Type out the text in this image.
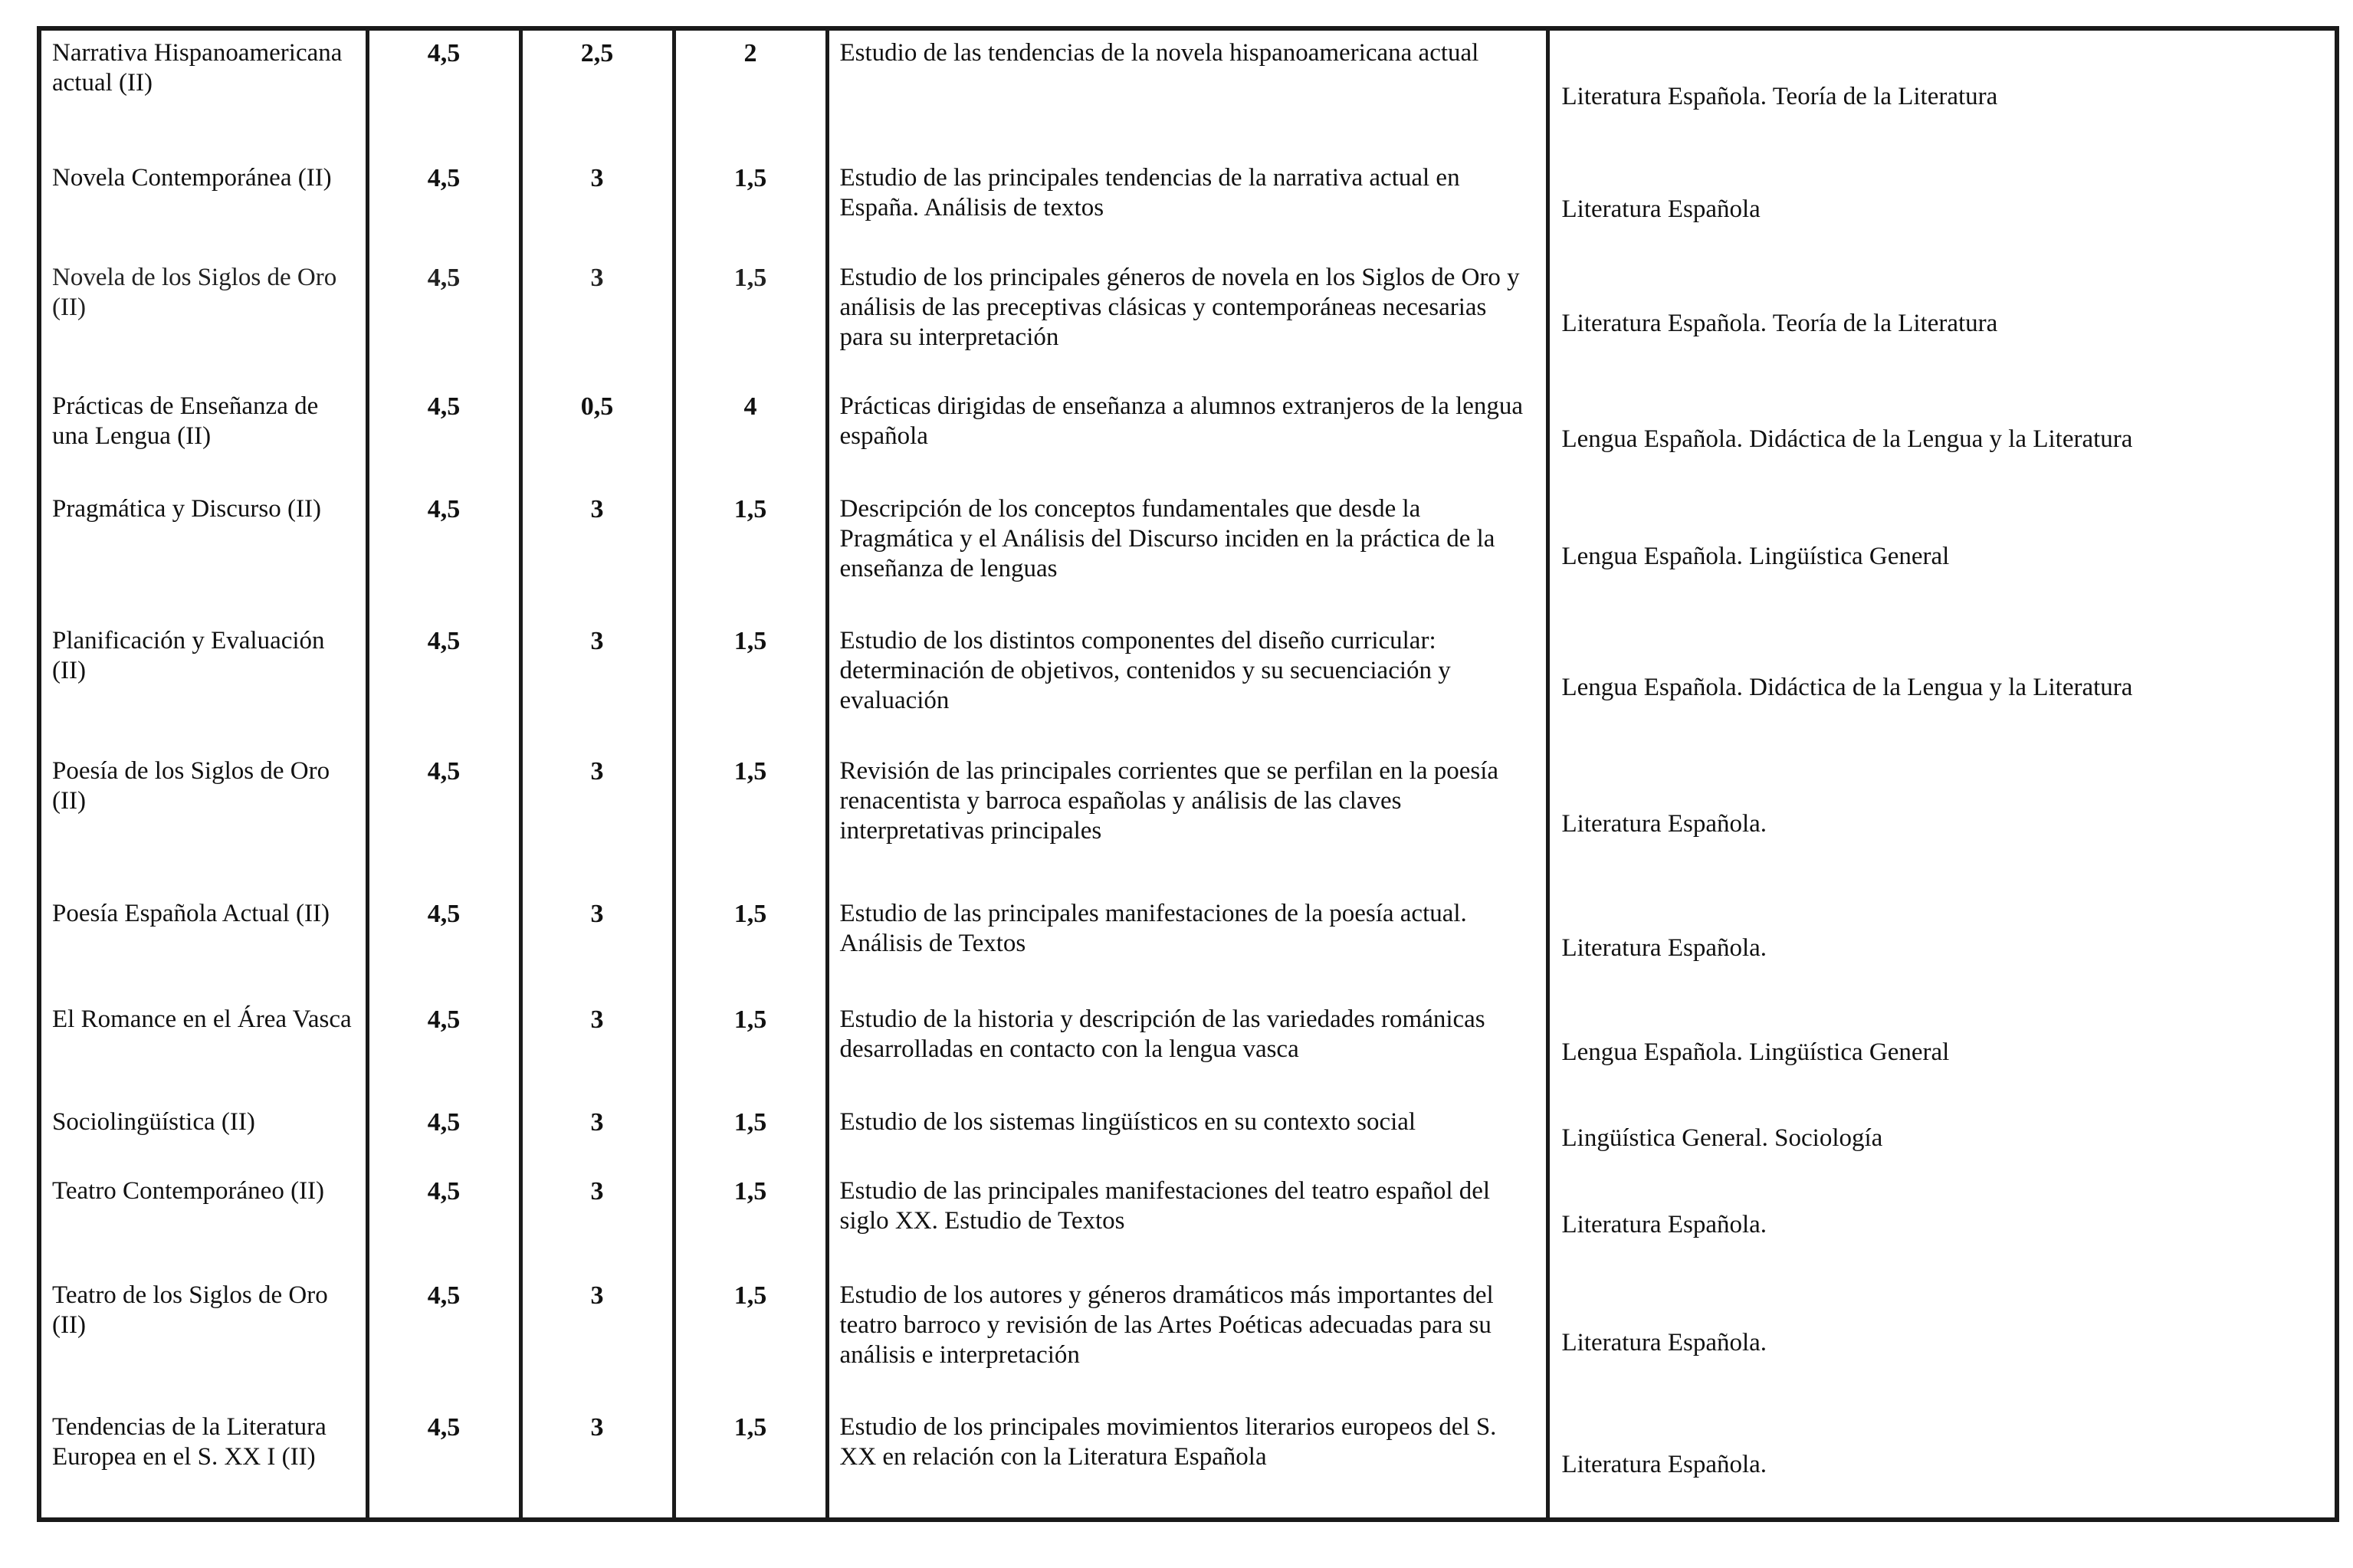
Narrativa Hispanoamericana actual (II)	4,5	2,5	2	Estudio de las tendencias de la novela hispanoamericana actual	Literatura Española. Teoría de la Literatura
Novela Contemporánea (II)	4,5	3	1,5	Estudio de las principales tendencias de la narrativa actual en España. Análisis de textos	Literatura Española
Novela de los Siglos de Oro (II)	4,5	3	1,5	Estudio de los principales géneros de novela en los Siglos de Oro y análisis de las preceptivas clásicas y contemporáneas necesarias para su interpretación	Literatura Española. Teoría de la Literatura
Prácticas de Enseñanza de una Lengua (II)	4,5	0,5	4	Prácticas dirigidas de enseñanza a alumnos extranjeros de la lengua española	Lengua Española. Didáctica de la Lengua y la Literatura
Pragmática y Discurso (II)	4,5	3	1,5	Descripción de los conceptos fundamentales que desde la Pragmática y el Análisis del Discurso inciden en la práctica de la enseñanza de lenguas	Lengua Española. Lingüística General
Planificación y Evaluación (II)	4,5	3	1,5	Estudio de los distintos componentes del diseño curricular: determinación de objetivos, contenidos y su secuenciación y evaluación	Lengua Española. Didáctica de la Lengua y la Literatura
Poesía de los Siglos de Oro (II)	4,5	3	1,5	Revisión de las principales corrientes que se perfilan en la poesía renacentista y barroca españolas y análisis de las claves interpretativas principales	Literatura Española.
Poesía Española Actual (II)	4,5	3	1,5	Estudio de las principales manifestaciones de la poesía actual. Análisis de Textos	Literatura Española.
El Romance en el Área Vasca	4,5	3	1,5	Estudio de la historia y descripción de las variedades románicas desarrolladas en contacto con la lengua vasca	Lengua Española. Lingüística General
Sociolingüística (II)	4,5	3	1,5	Estudio de los sistemas lingüísticos en su contexto social	Lingüística General. Sociología
Teatro Contemporáneo (II)	4,5	3	1,5	Estudio de las principales manifestaciones del teatro español del siglo XX. Estudio de Textos	Literatura Española.
Teatro de los Siglos de Oro (II)	4,5	3	1,5	Estudio de los autores y géneros dramáticos más importantes del teatro barroco y revisión de las Artes Poéticas adecuadas para su análisis e interpretación	Literatura Española.
Tendencias de la Literatura Europea en el S. XX I (II)	4,5	3	1,5	Estudio de los principales movimientos literarios europeos del S. XX en relación con la Literatura Española	Literatura Española.
